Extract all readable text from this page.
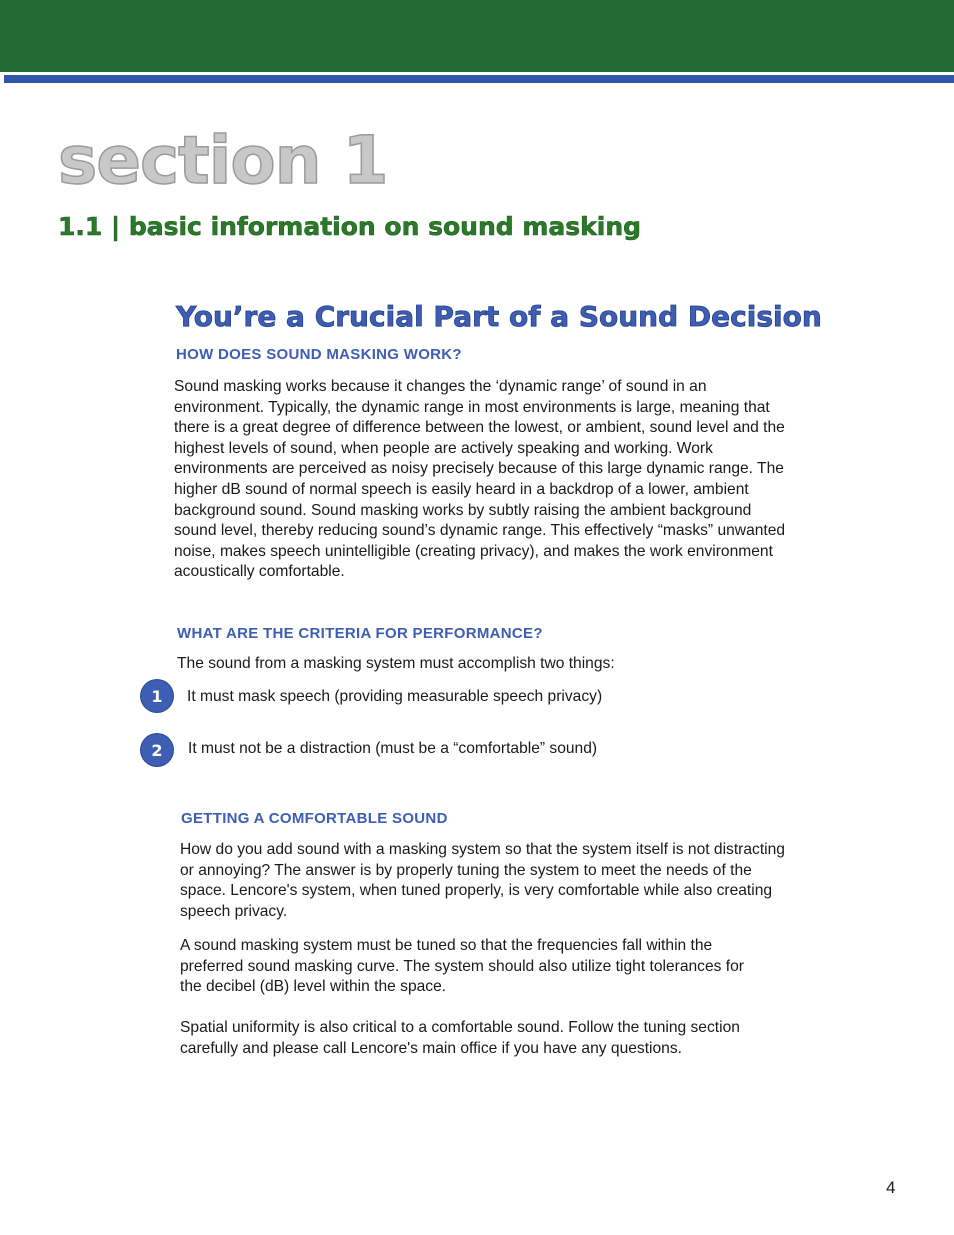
section 1
1.1 | basic information on sound masking
You’re a Crucial Part of a Sound Decision
HOW DOES SOUND MASKING WORK?

Sound masking works because it changes the ‘dynamic range’ of sound in an environment. Typically, the dynamic range in most environments is large, meaning that there is a great degree of difference between the lowest, or ambient, sound level and the highest levels of sound, when people are actively speaking and working. Work environments are perceived as noisy precisely because of this large dynamic range. The higher dB sound of normal speech is easily heard in a backdrop of a lower, ambient background sound. Sound masking works by subtly raising the ambient background sound level, thereby reducing sound’s dynamic range. This effectively “masks” unwanted noise, makes speech unintelligible (creating privacy), and makes the work environment acoustically comfortable.

WHAT ARE THE CRITERIA FOR PERFORMANCE?

The sound from a masking system must accomplish two things:

1	It must mask speech (providing measurable speech privacy)

2	It must not be a distraction (must be a “comfortable” sound)

GETTING A COMFORTABLE SOUND

How do you add sound with a masking system so that the system itself is not distracting or annoying? The answer is by properly tuning the system to meet the needs of the space. Lencore's system, when tuned properly, is very comfortable while also creating speech privacy.

A sound masking system must be tuned so that the frequencies fall within the preferred sound masking curve. The system should also utilize tight tolerances for the decibel (dB) level within the space.

Spatial uniformity is also critical to a comfortable sound. Follow the tuning section carefully and please call Lencore's main office if you have any questions.

4
